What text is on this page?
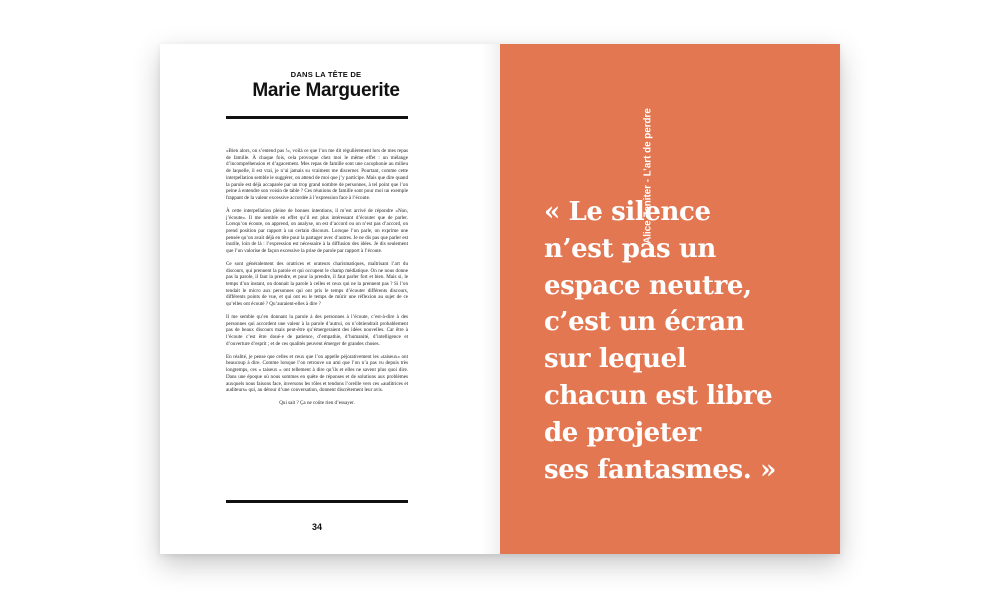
DANS LA TÊTE DE
Marie Marguerite

«Bien alors, on s’entend pas !», voilà ce que l’on me dit régulièrement lors de mes repas de famille. À chaque fois, cela provoque chez moi le même effet : un mélange d’incompréhension et d’agacement. Mes repas de famille sont une cacophonie au milieu de laquelle, il est vrai, je n’ai jamais su vraiment me discerner. Pourtant, comme cette interpellation semble le suggérer, on attend de moi que j’y participe. Mais que dire quand la parole est déjà accaparée par un trop grand nombre de personnes, à tel point que l’on peine à entendre son voisin de table ? Ces réunions de famille sont pour moi un exemple frappant de la valeur excessive accordée à l’expression face à l’écoute.

À cette interpellation pleine de bonnes intentions, il m’est arrivé de répondre «Non, j’écoute». Il me semble en effet qu’il est plus intéressant d’écouter que de parler. Lorsqu’on écoute, on apprend, on analyse, on est d’accord ou on n’est pas d’accord, on prend position par rapport à un certain discours. Lorsque l’on parle, on exprime une pensée qu’on avait déjà en tête pour la partager avec d’autres. Je ne dis pas que parler est inutile, loin de là : l’expression est nécessaire à la diffusion des idées. Je dis seulement que l’on valorise de façon excessive la prise de parole par rapport à l’écoute.

Ce sont généralement des oratrices et orateurs charismatiques, maîtrisant l’art du discours, qui prennent la parole et qui occupent le champ médiatique. On ne nous donne pas la parole, il faut la prendre, et pour la prendre, il faut parler fort et bien. Mais si, le temps d’un instant, on donnait la parole à celles et ceux qui ne la prennent pas ? Si l’on tendait le micro aux personnes qui ont pris le temps d’écouter différents discours, différents points de vue, et qui ont eu le temps de mûrir une réflexion au sujet de ce qu’elles ont écouté ? Qu’auraient-elles à dire ?

Il me semble qu’en donnant la parole à des personnes à l’écoute, c’est-à-dire à des personnes qui accordent une valeur à la parole d’autrui, on n’obtiendrait probablement pas de beaux discours mais peut-être qu’émergeraient des idées nouvelles. Car être à l’écoute c’est être doué·e de patience, d’empathie, d’humanité, d’intelligence et d’ouverture d’esprit ; et de ces qualités peuvent émerger de grandes choses.

En réalité, je pense que celles et ceux que l’on appelle péjorativement les «taiseux» ont beaucoup à dire. Comme lorsque l’on retrouve un ami que l’on n’a pas vu depuis très longtemps, ces « taiseux » ont tellement à dire qu’ils et elles ne savent plus quoi dire. Dans une époque où nous sommes en quête de réponses et de solutions aux problèmes auxquels nous faisons face, inversons les rôles et tendons l’oreille vers ces «auditrices et auditeurs» qui, au détour d’une conversation, donnent discrètement leur avis.

Qui sait ? Ça ne coûte rien d’essayer.

34
« Le silence
n’est pas un
espace neutre,
c’est un écran
sur lequel
chacun est libre
de projeter
ses fantasmes. »
Alice Zeniter - L’art de perdre
